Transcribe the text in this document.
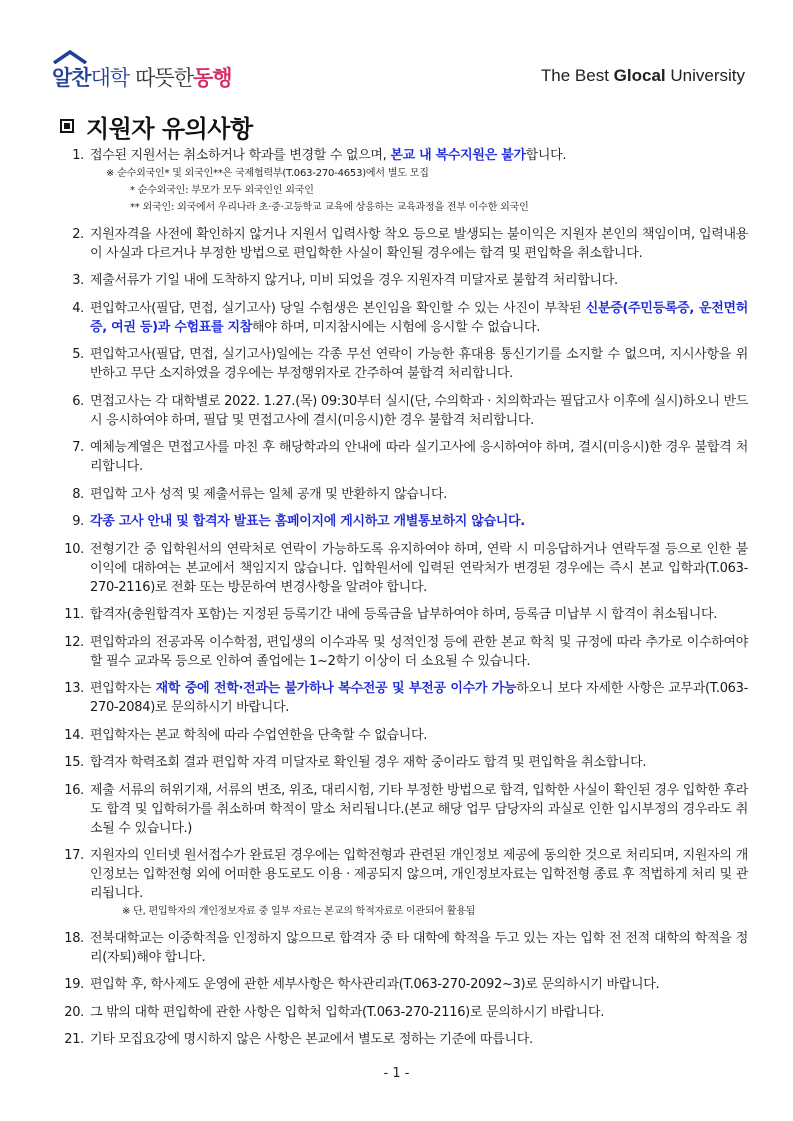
알찬대학 따뜻한동행	The Best Glocal University
지원자 유의사항
1. 접수된 지원서는 취소하거나 학과를 변경할 수 없으며, 본교 내 복수지원은 불가합니다.
※ 순수외국인* 및 외국인**은 국제협력부(T.063-270-4653)에서 별도 모집
* 순수외국인: 부모가 모두 외국인인 외국인
** 외국인: 외국에서 우리나라 초·중·고등학교 교육에 상응하는 교육과정을 전부 이수한 외국인
2. 지원자격을 사전에 확인하지 않거나 지원서 입력사항 착오 등으로 발생되는 불이익은 지원자 본인의 책임이며, 입력내용이 사실과 다르거나 부정한 방법으로 편입학한 사실이 확인될 경우에는 합격 및 편입학을 취소합니다.
3. 제출서류가 기일 내에 도착하지 않거나, 미비 되었을 경우 지원자격 미달자로 불합격 처리합니다.
4. 편입학고사(필답, 면접, 실기고사) 당일 수험생은 본인임을 확인할 수 있는 사진이 부착된 신분증(주민등록증, 운전면허증, 여권 등)과 수험표를 지참해야 하며, 미지참시에는 시험에 응시할 수 없습니다.
5. 편입학고사(필답, 면접, 실기고사)일에는 각종 무선 연락이 가능한 휴대용 통신기기를 소지할 수 없으며, 지시사항을 위반하고 무단 소지하였을 경우에는 부정행위자로 간주하여 불합격 처리합니다.
6. 면접고사는 각 대학별로 2022. 1.27.(목) 09:30부터 실시(단, 수의학과 · 치의학과는 필답고사 이후에 실시)하오니 반드시 응시하여야 하며, 필답 및 면접고사에 결시(미응시)한 경우 불합격 처리합니다.
7. 예체능계열은 면접고사를 마친 후 해당학과의 안내에 따라 실기고사에 응시하여야 하며, 결시(미응시)한 경우 불합격 처리합니다.
8. 편입학 고사 성적 및 제출서류는 일체 공개 및 반환하지 않습니다.
9. 각종 고사 안내 및 합격자 발표는 홈페이지에 게시하고 개별통보하지 않습니다.
10. 전형기간 중 입학원서의 연락처로 연락이 가능하도록 유지하여야 하며, 연락 시 미응답하거나 연락두절 등으로 인한 불이익에 대하여는 본교에서 책임지지 않습니다. 입학원서에 입력된 연락처가 변경된 경우에는 즉시 본교 입학과(T.063-270-2116)로 전화 또는 방문하여 변경사항을 알려야 합니다.
11. 합격자(충원합격자 포함)는 지정된 등록기간 내에 등록금을 납부하여야 하며, 등록금 미납부 시 합격이 취소됩니다.
12. 편입학과의 전공과목 이수학점, 편입생의 이수과목 및 성적인정 등에 관한 본교 학칙 및 규정에 따라 추가로 이수하여야 할 필수 교과목 등으로 인하여 졸업에는 1~2학기 이상이 더 소요될 수 있습니다.
13. 편입학자는 재학 중에 전학·전과는 불가하나 복수전공 및 부전공 이수가 가능하오니 보다 자세한 사항은 교무과(T.063-270-2084)로 문의하시기 바랍니다.
14. 편입학자는 본교 학칙에 따라 수업연한을 단축할 수 없습니다.
15. 합격자 학력조회 결과 편입학 자격 미달자로 확인될 경우 재학 중이라도 합격 및 편입학을 취소합니다.
16. 제출 서류의 허위기재, 서류의 변조, 위조, 대리시험, 기타 부정한 방법으로 합격, 입학한 사실이 확인된 경우 입학한 후라도 합격 및 입학허가를 취소하며 학적이 말소 처리됩니다.(본교 해당 업무 담당자의 과실로 인한 입시부정의 경우라도 취소될 수 있습니다.)
17. 지원자의 인터넷 원서접수가 완료된 경우에는 입학전형과 관련된 개인정보 제공에 동의한 것으로 처리되며, 지원자의 개인정보는 입학전형 외에 어떠한 용도로도 이용 · 제공되지 않으며, 개인정보자료는 입학전형 종료 후 적법하게 처리 및 관리됩니다.
※ 단, 편입학자의 개인정보자료 중 일부 자료는 본교의 학적자료로 이관되어 활용됨
18. 전북대학교는 이중학적을 인정하지 않으므로 합격자 중 타 대학에 학적을 두고 있는 자는 입학 전 전적 대학의 학적을 정리(자퇴)해야 합니다.
19. 편입학 후, 학사제도 운영에 관한 세부사항은 학사관리과(T.063-270-2092~3)로 문의하시기 바랍니다.
20. 그 밖의 대학 편입학에 관한 사항은 입학처 입학과(T.063-270-2116)로 문의하시기 바랍니다.
21. 기타 모집요강에 명시하지 않은 사항은 본교에서 별도로 정하는 기준에 따릅니다.
- 1 -
